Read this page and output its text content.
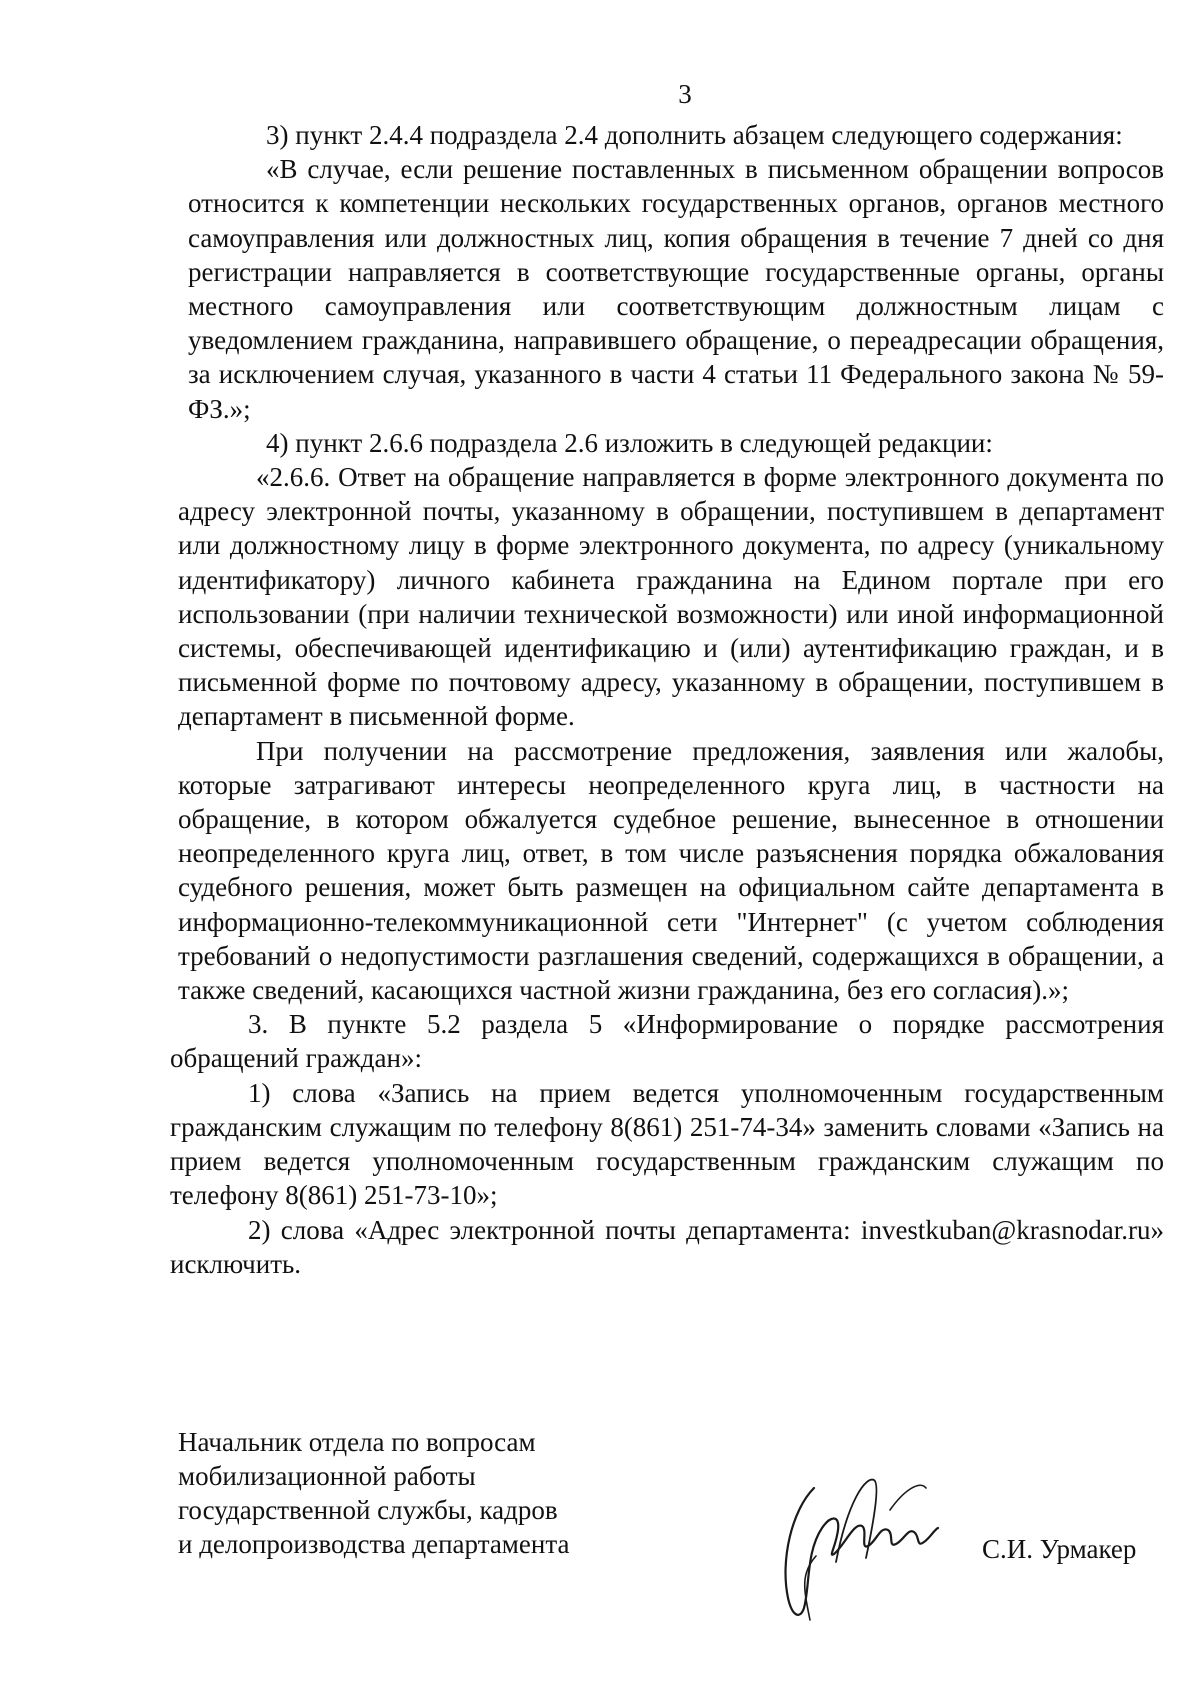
3

3) пункт 2.4.4 подраздела 2.4 дополнить абзацем следующего содержания:

«В случае, если решение поставленных в письменном обращении вопросов относится к компетенции нескольких государственных органов, органов местного самоуправления или должностных лиц, копия обращения в течение 7 дней со дня регистрации направляется в соответствующие государственные органы, органы местного самоуправления или соответствующим должностным лицам с уведомлением гражданина, направившего обращение, о переадресации обращения, за исключением случая, указанного в части 4 статьи 11 Федерального закона № 59-ФЗ.»;

4) пункт 2.6.6 подраздела 2.6 изложить в следующей редакции:

«2.6.6. Ответ на обращение направляется в форме электронного документа по адресу электронной почты, указанному в обращении, поступившем в департамент или должностному лицу в форме электронного документа, по адресу (уникальному идентификатору) личного кабинета гражданина на Едином портале при его использовании (при наличии технической возможности) или иной информационной системы, обеспечивающей идентификацию и (или) аутентификацию граждан, и в письменной форме по почтовому адресу, указанному в обращении, поступившем в департамент в письменной форме.

При получении на рассмотрение предложения, заявления или жалобы, которые затрагивают интересы неопределенного круга лиц, в частности на обращение, в котором обжалуется судебное решение, вынесенное в отношении неопределенного круга лиц, ответ, в том числе разъяснения порядка обжалования судебного решения, может быть размещен на официальном сайте департамента в информационно-телекоммуникационной сети "Интернет" (с учетом соблюдения требований о недопустимости разглашения сведений, содержащихся в обращении, а также сведений, касающихся частной жизни гражданина, без его согласия).»;

3. В пункте 5.2 раздела 5 «Информирование о порядке рассмотрения обращений граждан»:

1) слова «Запись на прием ведется уполномоченным государственным гражданским служащим по телефону 8(861) 251-74-34» заменить словами «Запись на прием ведется уполномоченным государственным гражданским служащим по телефону 8(861) 251-73-10»;

2) слова «Адрес электронной почты департамента: investkuban@krasnodar.ru» исключить.

Начальник отдела по вопросам
мобилизационной работы
государственной службы, кадров
и делопроизводства департамента	С.И. Урмакер
